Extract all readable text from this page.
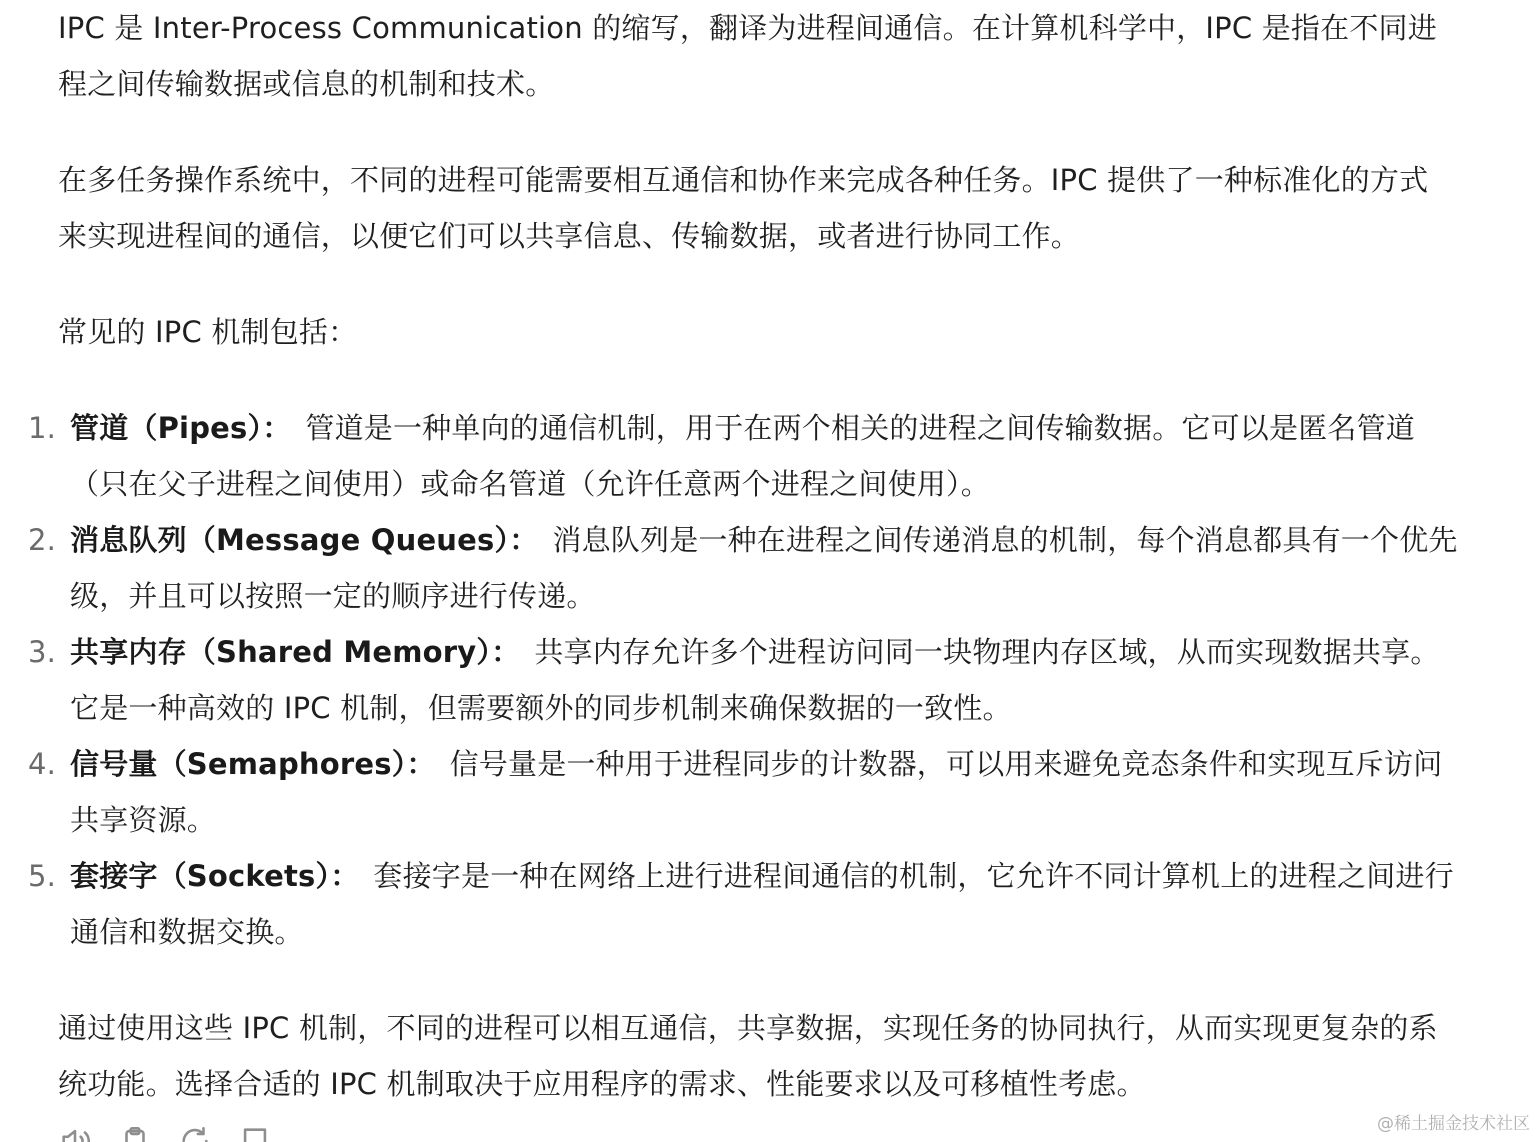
IPC 是 Inter-Process Communication 的缩写，翻译为进程间通信。在计算机科学中，IPC 是指在不同进程之间传输数据或信息的机制和技术。

在多任务操作系统中，不同的进程可能需要相互通信和协作来完成各种任务。IPC 提供了一种标准化的方式来实现进程间的通信，以便它们可以共享信息、传输数据，或者进行协同工作。

常见的 IPC 机制包括：

1. 管道（Pipes）： 管道是一种单向的通信机制，用于在两个相关的进程之间传输数据。它可以是匿名管道（只在父子进程之间使用）或命名管道（允许任意两个进程之间使用）。
2. 消息队列（Message Queues）： 消息队列是一种在进程之间传递消息的机制，每个消息都具有一个优先级，并且可以按照一定的顺序进行传递。
3. 共享内存（Shared Memory）： 共享内存允许多个进程访问同一块物理内存区域，从而实现数据共享。它是一种高效的 IPC 机制，但需要额外的同步机制来确保数据的一致性。
4. 信号量（Semaphores）： 信号量是一种用于进程同步的计数器，可以用来避免竞态条件和实现互斥访问共享资源。
5. 套接字（Sockets）： 套接字是一种在网络上进行进程间通信的机制，它允许不同计算机上的进程之间进行通信和数据交换。

通过使用这些 IPC 机制，不同的进程可以相互通信，共享数据，实现任务的协同执行，从而实现更复杂的系统功能。选择合适的 IPC 机制取决于应用程序的需求、性能要求以及可移植性考虑。

@稀土掘金技术社区
